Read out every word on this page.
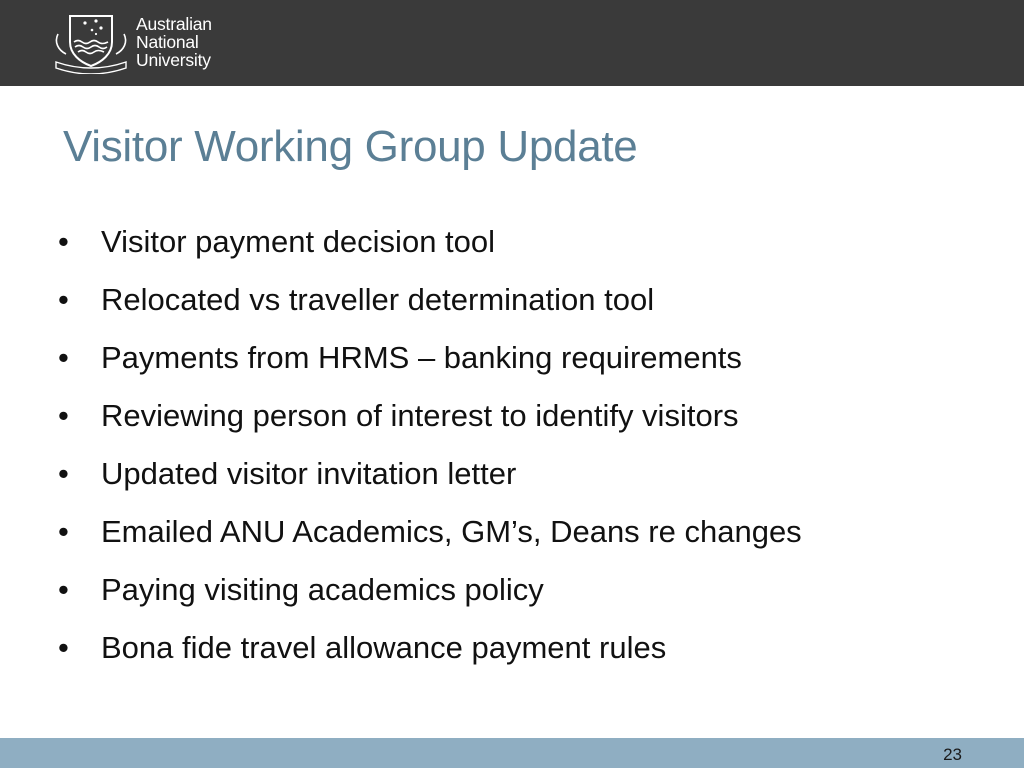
Australian
National
University
Visitor Working Group Update
• Visitor payment decision tool
• Relocated vs traveller determination tool
• Payments from HRMS – banking requirements
• Reviewing person of interest to identify visitors
• Updated visitor invitation letter
• Emailed ANU Academics, GM’s, Deans re changes
• Paying visiting academics policy
• Bona fide travel allowance payment rules
23
